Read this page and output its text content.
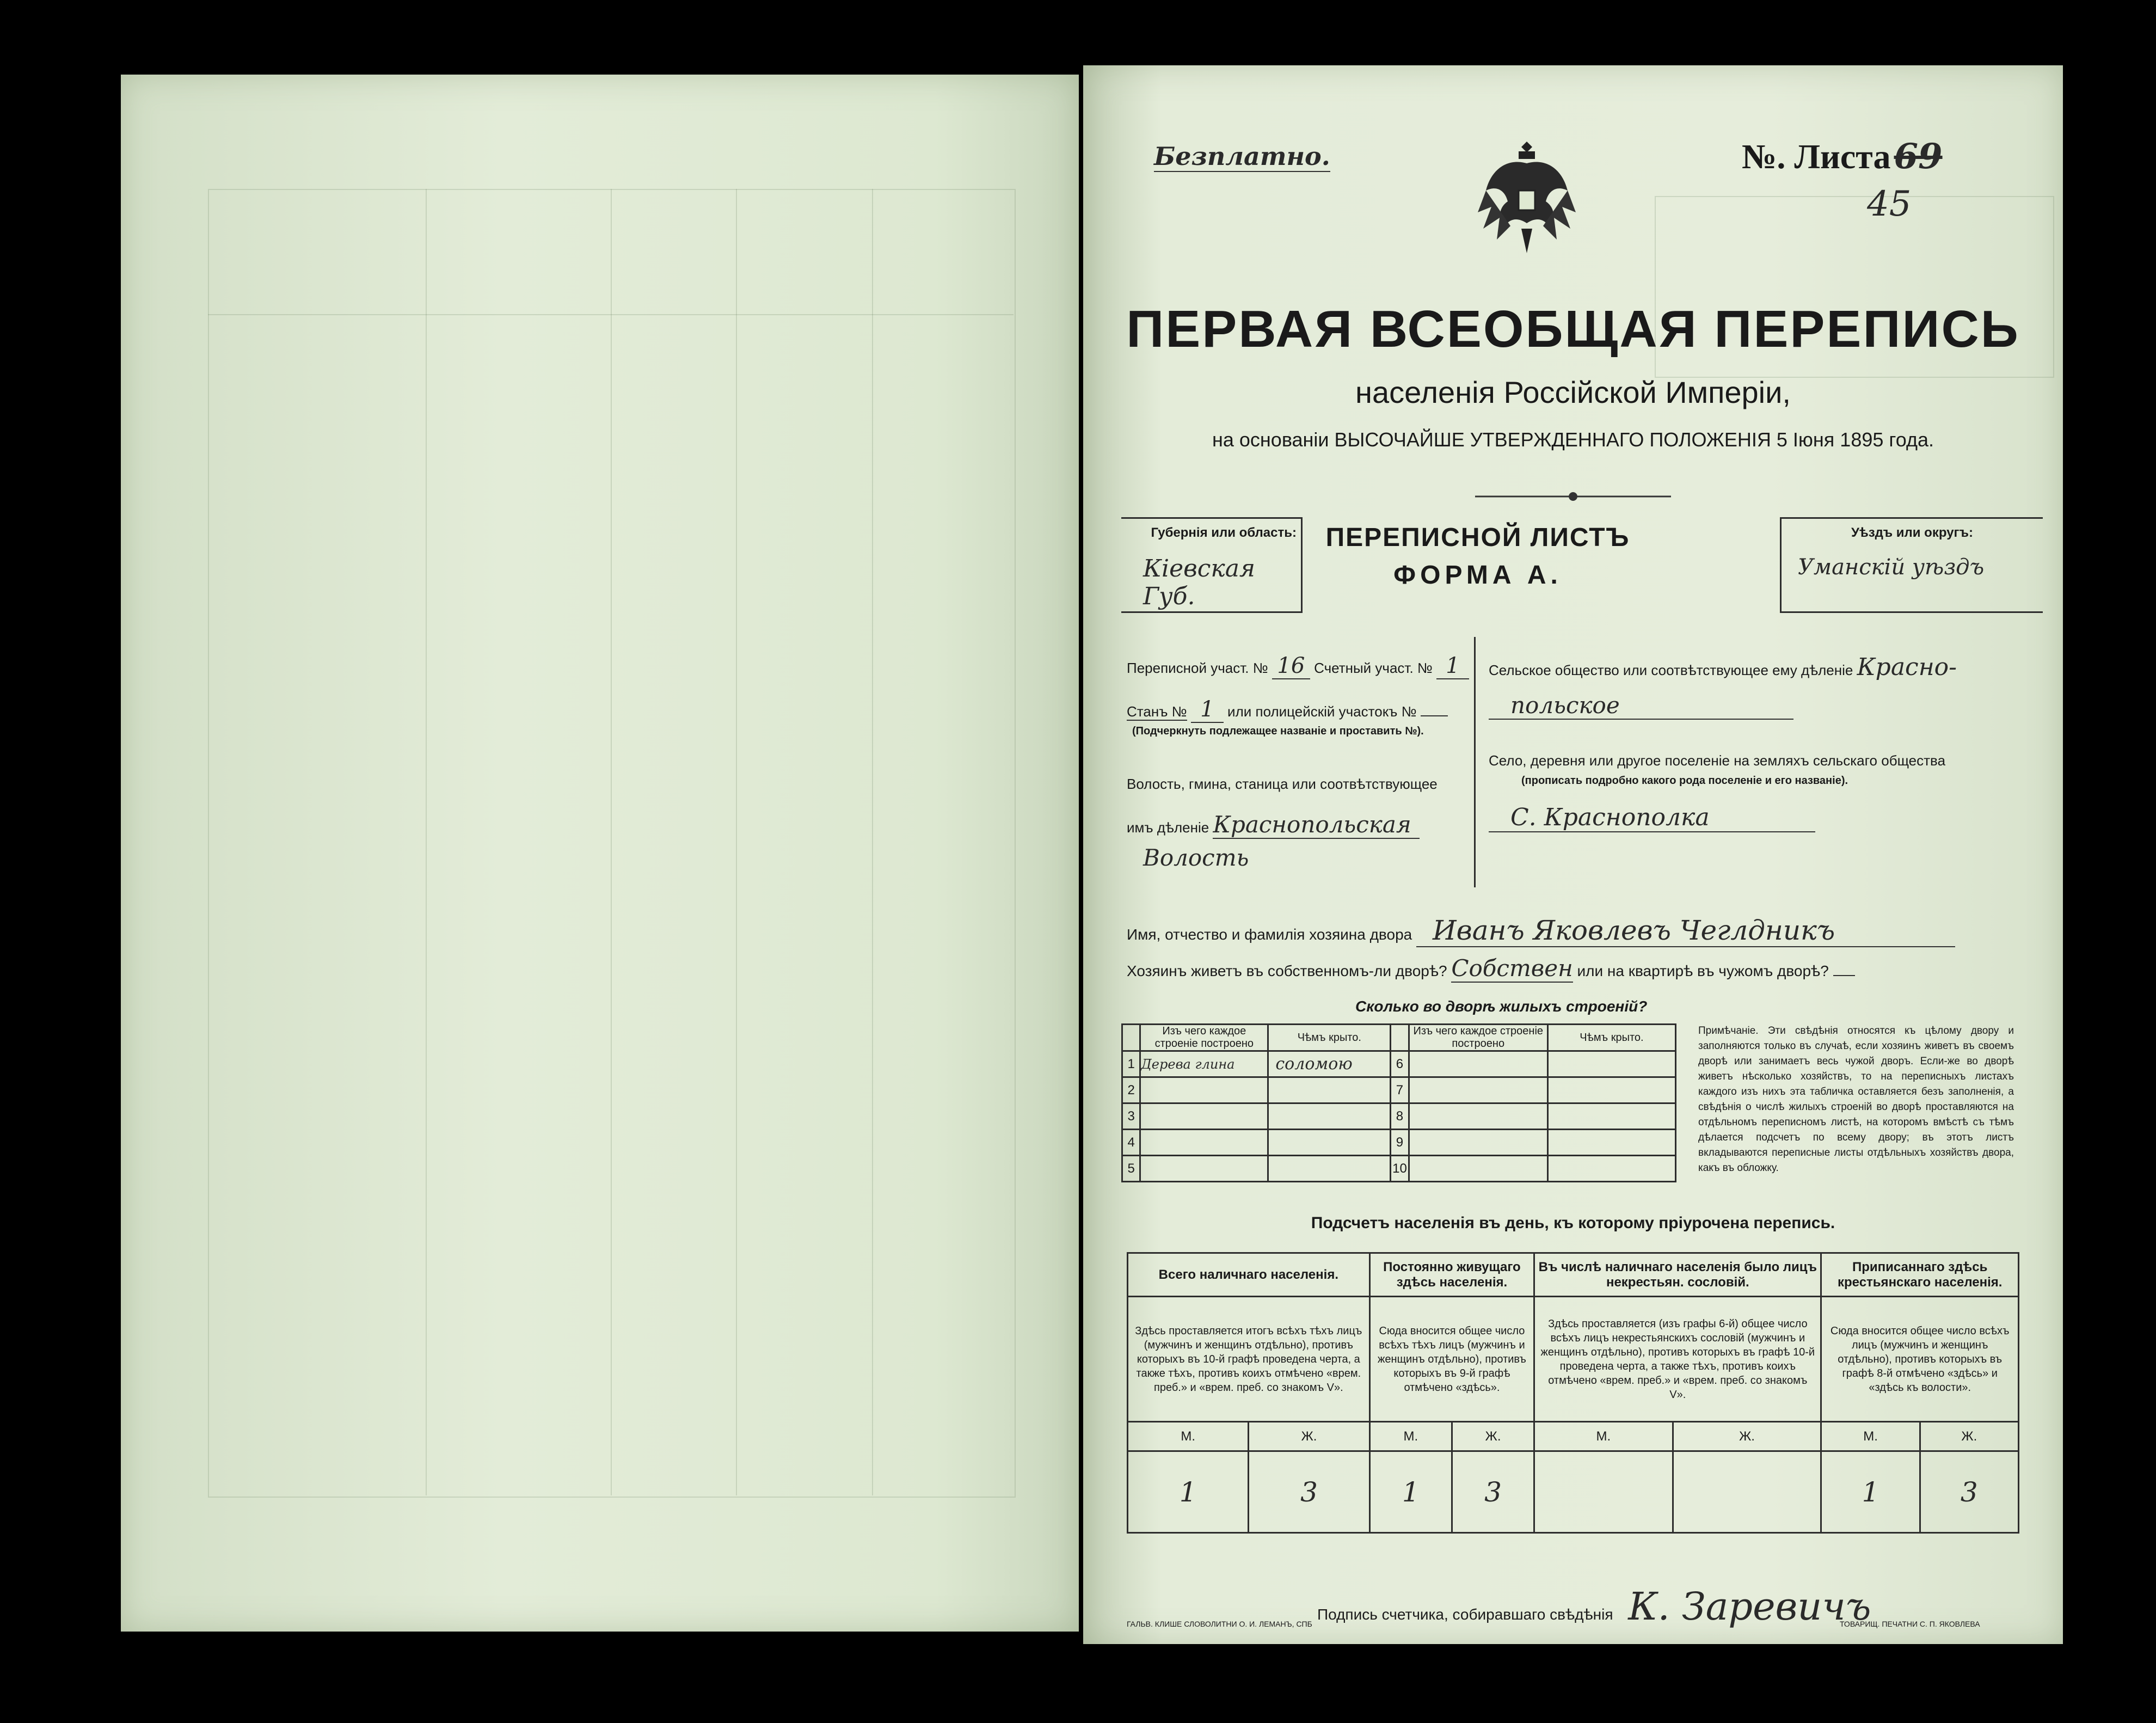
Безплатно.	№. Листа69
45
ПЕРВАЯ ВСЕОБЩАЯ ПЕРЕПИСЬ
населенія Россійской Имперіи,
на основаніи ВЫСОЧАЙШЕ УТВЕРЖДЕННАГО ПОЛОЖЕНІЯ 5 Іюня 1895 года.
Губернія или область:
Кіевская Губ.
ПЕРЕПИСНОЙ ЛИСТЪ
ФОРМА А.
Уѣздъ или округъ:
Уманскій уѣздъ
Переписной участ. № 16 Счетный участ. № 1
Станъ № 1 или полицейскій участокъ №
(Подчеркнуть подлежащее названіе и проставить №).
Волость, гмина, станица или соотвѣтствующее
имъ дѣленіе Краснопольская
Волость
Сельское общество или соотвѣтствующее ему дѣленіе Красно-
польское
Село, деревня или другое поселеніе на земляхъ сельскаго общества
(прописать подробно какого рода поселеніе и его названіе).
С. Краснополка
Имя, отчество и фамилія хозяина двора Иванъ Яковлевъ Чеглдникъ
Хозяинъ живетъ въ собственномъ-ли дворѣ? Собствен или на квартирѣ въ чужомъ дворѣ?
Сколько во дворѣ жилыхъ строеній?
	Изъ чего каждое строеніе построено	Чѣмъ крыто.		Изъ чего каждое строеніе построено	Чѣмъ крыто.
1	Дерева глина	соломою	6		
2			7		
3			8		
4			9		
5			10		
Примѣчаніе. Эти свѣдѣнія относятся къ цѣлому двору и заполняются только въ случаѣ, если хозяинъ живетъ въ своемъ дворѣ или занимаетъ весь чужой дворъ. Если-же во дворѣ живетъ нѣсколько хозяйствъ, то на переписныхъ листахъ каждого изъ нихъ эта табличка оставляется безъ заполненія, а свѣдѣнія о числѣ жилыхъ строеній во дворѣ проставляются на отдѣльномъ переписномъ листѣ, на которомъ вмѣстѣ съ тѣмъ дѣлается подсчетъ по всему двору; въ этотъ листъ вкладываются переписные листы отдѣльныхъ хозяйствъ двора, какъ въ обложку.
Подсчетъ населенія въ день, къ которому пріурочена перепись.
Всего наличнаго населенія.		Постоянно живущаго здѣсь населенія.		Въ числѣ наличнаго населенія было лицъ некрестьян. сословій.		Приписаннаго здѣсь крестьянскаго населенія.	
Здѣсь проставляется итогъ всѣхъ тѣхъ лицъ (мужчинъ и женщинъ отдѣльно), противъ которыхъ въ 10-й графѣ проведена черта, а также тѣхъ, противъ коихъ отмѣчено «врем. преб.» и «врем. преб. со знакомъ V».		Сюда вносится общее число всѣхъ тѣхъ лицъ (мужчинъ и женщинъ отдѣльно), противъ которыхъ въ 9-й графѣ отмѣчено «здѣсь».		Здѣсь проставляется (изъ графы 6-й) общее число всѣхъ лицъ некрестьянскихъ сословій (мужчинъ и женщинъ отдѣльно), противъ которыхъ въ графѣ 10-й проведена черта, а также тѣхъ, противъ коихъ отмѣчено «врем. преб.» и «врем. преб. со знакомъ V».		Сюда вносится общее число всѣхъ лицъ (мужчинъ и женщинъ отдѣльно), противъ которыхъ въ графѣ 8-й отмѣчено «здѣсь» и «здѣсь къ волости».	
М.	Ж.	М.	Ж.	М.	Ж.	М.	Ж.
1	3	1	3			1	3
Подпись счетчика, собиравшаго свѣдѣнія К. Заревичъ
ГАЛЬВ. КЛИШЕ СЛОВОЛИТНИ О. И. ЛЕМАНЪ, СПБ	ТОВАРИЩ. ПЕЧАТНИ С. П. ЯКОВЛЕВА
